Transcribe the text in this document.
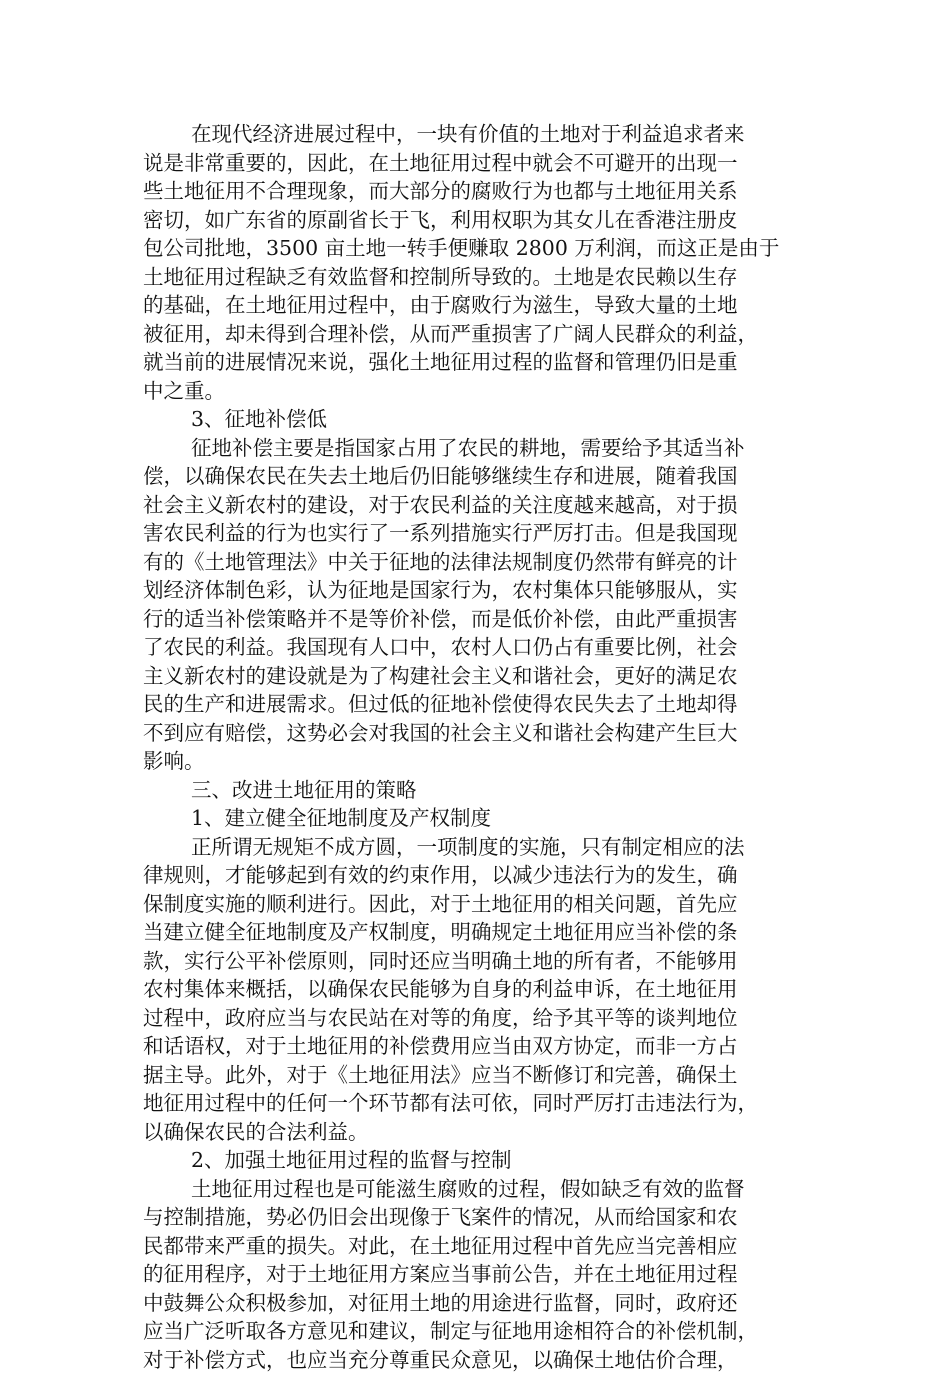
在现代经济进展过程中，一块有价值的土地对于利益追求者来
说是非常重要的，因此，在土地征用过程中就会不可避开的出现一
些土地征用不合理现象，而大部分的腐败行为也都与土地征用关系
密切，如广东省的原副省长于飞，利用权职为其女儿在香港注册皮
包公司批地，3500 亩土地一转手便赚取 2800 万利润，而这正是由于
土地征用过程缺乏有效监督和控制所导致的。土地是农民赖以生存
的基础，在土地征用过程中，由于腐败行为滋生，导致大量的土地
被征用，却未得到合理补偿，从而严重损害了广阔人民群众的利益，
就当前的进展情况来说，强化土地征用过程的监督和管理仍旧是重
中之重。
3、征地补偿低
征地补偿主要是指国家占用了农民的耕地，需要给予其适当补
偿，以确保农民在失去土地后仍旧能够继续生存和进展，随着我国
社会主义新农村的建设，对于农民利益的关注度越来越高，对于损
害农民利益的行为也实行了一系列措施实行严厉打击。但是我国现
有的《土地管理法》中关于征地的法律法规制度仍然带有鲜亮的计
划经济体制色彩，认为征地是国家行为，农村集体只能够服从，实
行的适当补偿策略并不是等价补偿，而是低价补偿，由此严重损害
了农民的利益。我国现有人口中，农村人口仍占有重要比例，社会
主义新农村的建设就是为了构建社会主义和谐社会，更好的满足农
民的生产和进展需求。但过低的征地补偿使得农民失去了土地却得
不到应有赔偿，这势必会对我国的社会主义和谐社会构建产生巨大
影响。
三、改进土地征用的策略
1、建立健全征地制度及产权制度
正所谓无规矩不成方圆，一项制度的实施，只有制定相应的法
律规则，才能够起到有效的约束作用，以减少违法行为的发生，确
保制度实施的顺利进行。因此，对于土地征用的相关问题，首先应
当建立健全征地制度及产权制度，明确规定土地征用应当补偿的条
款，实行公平补偿原则，同时还应当明确土地的所有者，不能够用
农村集体来概括，以确保农民能够为自身的利益申诉，在土地征用
过程中，政府应当与农民站在对等的角度，给予其平等的谈判地位
和话语权，对于土地征用的补偿费用应当由双方协定，而非一方占
据主导。此外，对于《土地征用法》应当不断修订和完善，确保土
地征用过程中的任何一个环节都有法可依，同时严厉打击违法行为，
以确保农民的合法利益。
2、加强土地征用过程的监督与控制
土地征用过程也是可能滋生腐败的过程，假如缺乏有效的监督
与控制措施，势必仍旧会出现像于飞案件的情况，从而给国家和农
民都带来严重的损失。对此，在土地征用过程中首先应当完善相应
的征用程序，对于土地征用方案应当事前公告，并在土地征用过程
中鼓舞公众积极参加，对征用土地的用途进行监督，同时，政府还
应当广泛听取各方意见和建议，制定与征地用途相符合的补偿机制，
对于补偿方式，也应当充分尊重民众意见，以确保土地估价合理，
